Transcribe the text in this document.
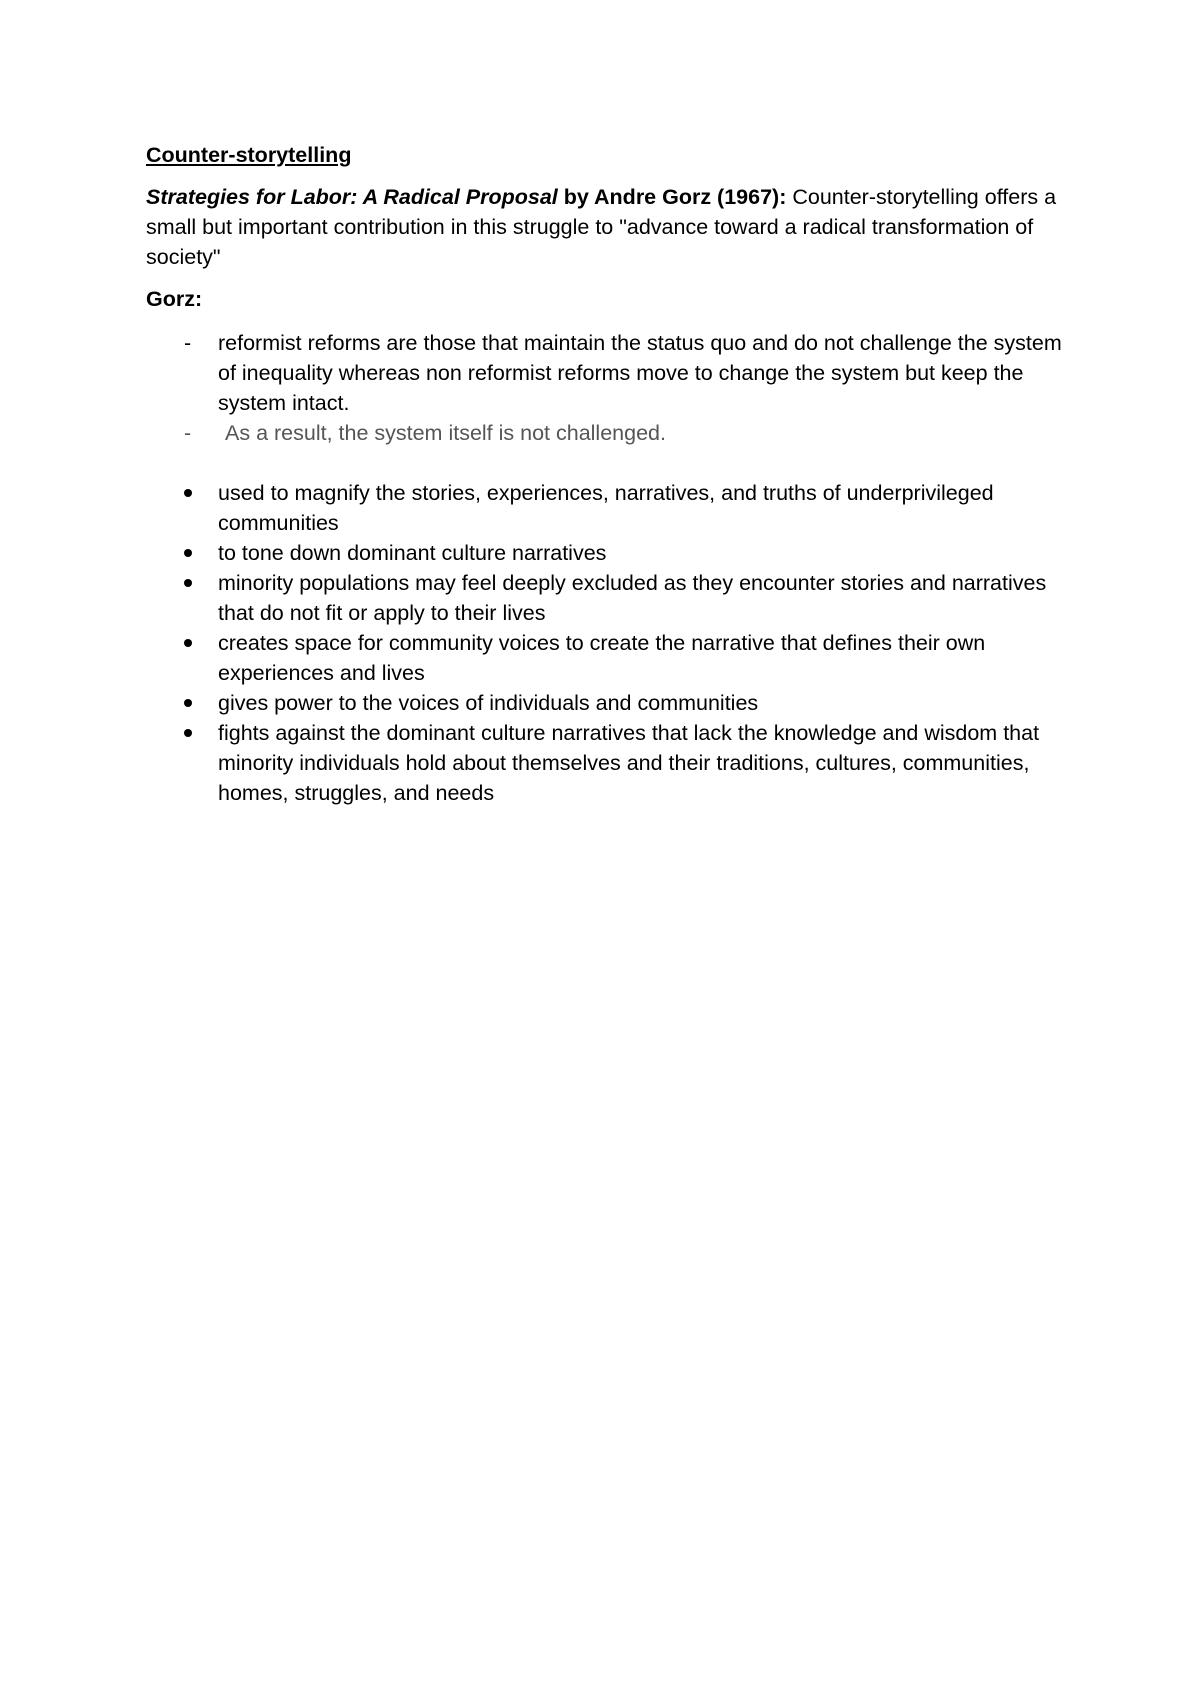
Counter-storytelling

Strategies for Labor: A Radical Proposal by Andre Gorz (1967): Counter-storytelling offers a small but important contribution in this struggle to "advance toward a radical transformation of society"

Gorz:

- reformist reforms are those that maintain the status quo and do not challenge the system of inequality whereas non reformist reforms move to change the system but keep the system intact.
- As a result, the system itself is not challenged.
used to magnify the stories, experiences, narratives, and truths of underprivileged communities
to tone down dominant culture narratives
minority populations may feel deeply excluded as they encounter stories and narratives that do not fit or apply to their lives
creates space for community voices to create the narrative that defines their own experiences and lives
gives power to the voices of individuals and communities
fights against the dominant culture narratives that lack the knowledge and wisdom that minority individuals hold about themselves and their traditions, cultures, communities, homes, struggles, and needs
